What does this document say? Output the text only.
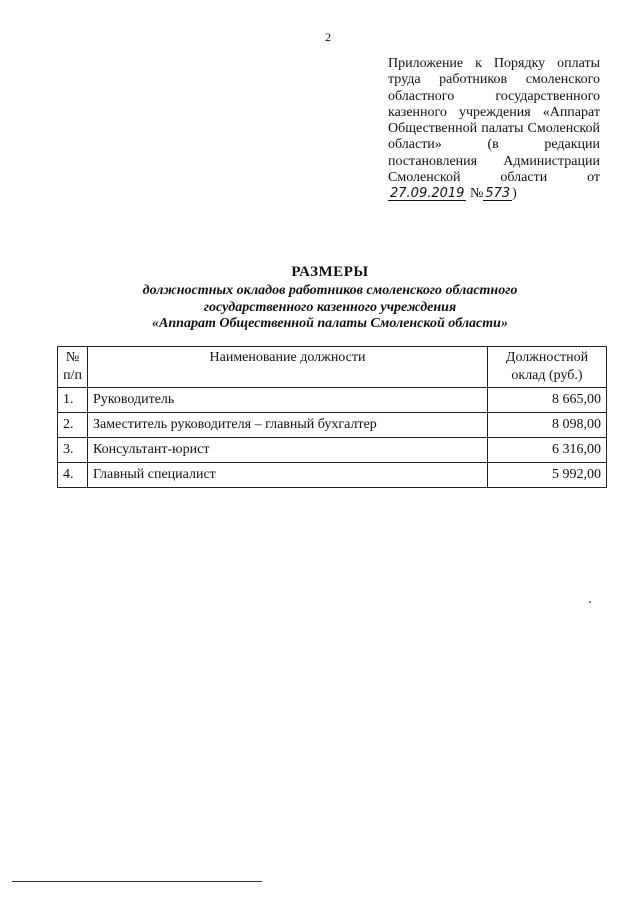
2
Приложение к Порядку оплаты труда работников смоленского областного государственного казенного учреждения «Аппарат Общественной палаты Смоленской области» (в редакции постановления Администрации Смоленской области от 27.09.2019 № 573 )
РАЗМЕРЫ
должностных окладов работников смоленского областного
государственного казенного учреждения
«Аппарат Общественной палаты Смоленской области»
№ п/п	Наименование должности	Должностной оклад (руб.)
1.	Руководитель	8 665,00
2.	Заместитель руководителя – главный бухгалтер	8 098,00
3.	Консультант-юрист	6 316,00
4.	Главный специалист	5 992,00
